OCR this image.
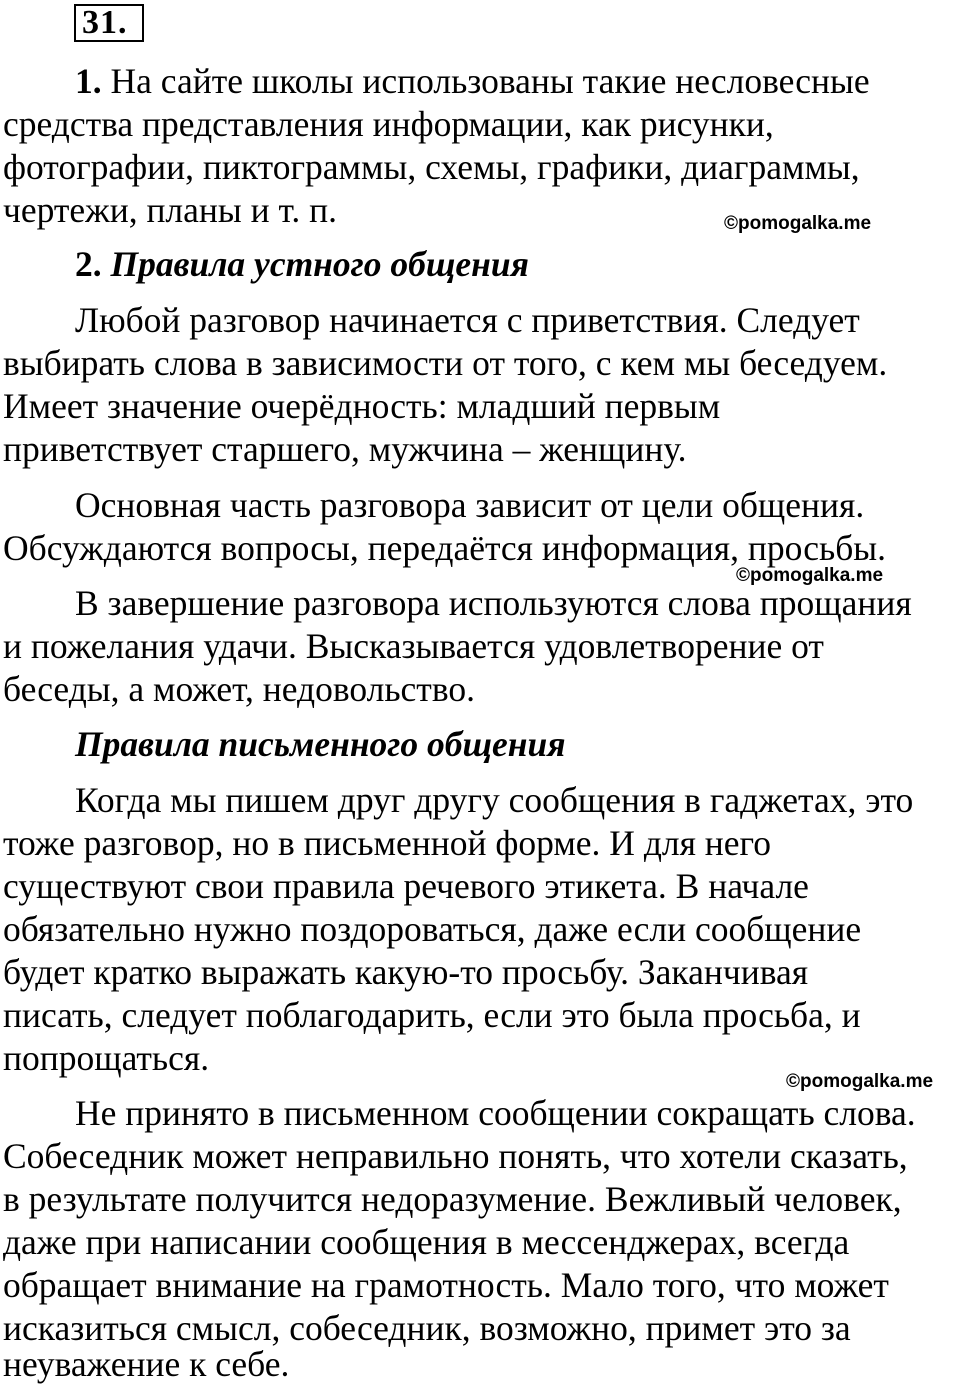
31.
1. На сайте школы использованы такие несловесные
средства представления информации, как рисунки,
фотографии, пиктограммы, схемы, графики, диаграммы,
чертежи, планы и т. п.	©pomogalka.me
2. Правила устного общения
Любой разговор начинается с приветствия. Следует
выбирать слова в зависимости от того, с кем мы беседуем.
Имеет значение очерёдность: младший первым
приветствует старшего, мужчина – женщину.
Основная часть разговора зависит от цели общения.
Обсуждаются вопросы, передаётся информация, просьбы.
©pomogalka.me
В завершение разговора используются слова прощания
и пожелания удачи. Высказывается удовлетворение от
беседы, а может, недовольство.
Правила письменного общения
Когда мы пишем друг другу сообщения в гаджетах, это
тоже разговор, но в письменной форме. И для него
существуют свои правила речевого этикета. В начале
обязательно нужно поздороваться, даже если сообщение
будет кратко выражать какую-то просьбу. Заканчивая
писать, следует поблагодарить, если это была просьба, и
попрощаться.
©pomogalka.me
Не принято в письменном сообщении сокращать слова.
Собеседник может неправильно понять, что хотели сказать,
в результате получится недоразумение. Вежливый человек,
даже при написании сообщения в мессенджерах, всегда
обращает внимание на грамотность. Мало того, что может
исказиться смысл, собеседник, возможно, примет это за
неуважение к себе.
